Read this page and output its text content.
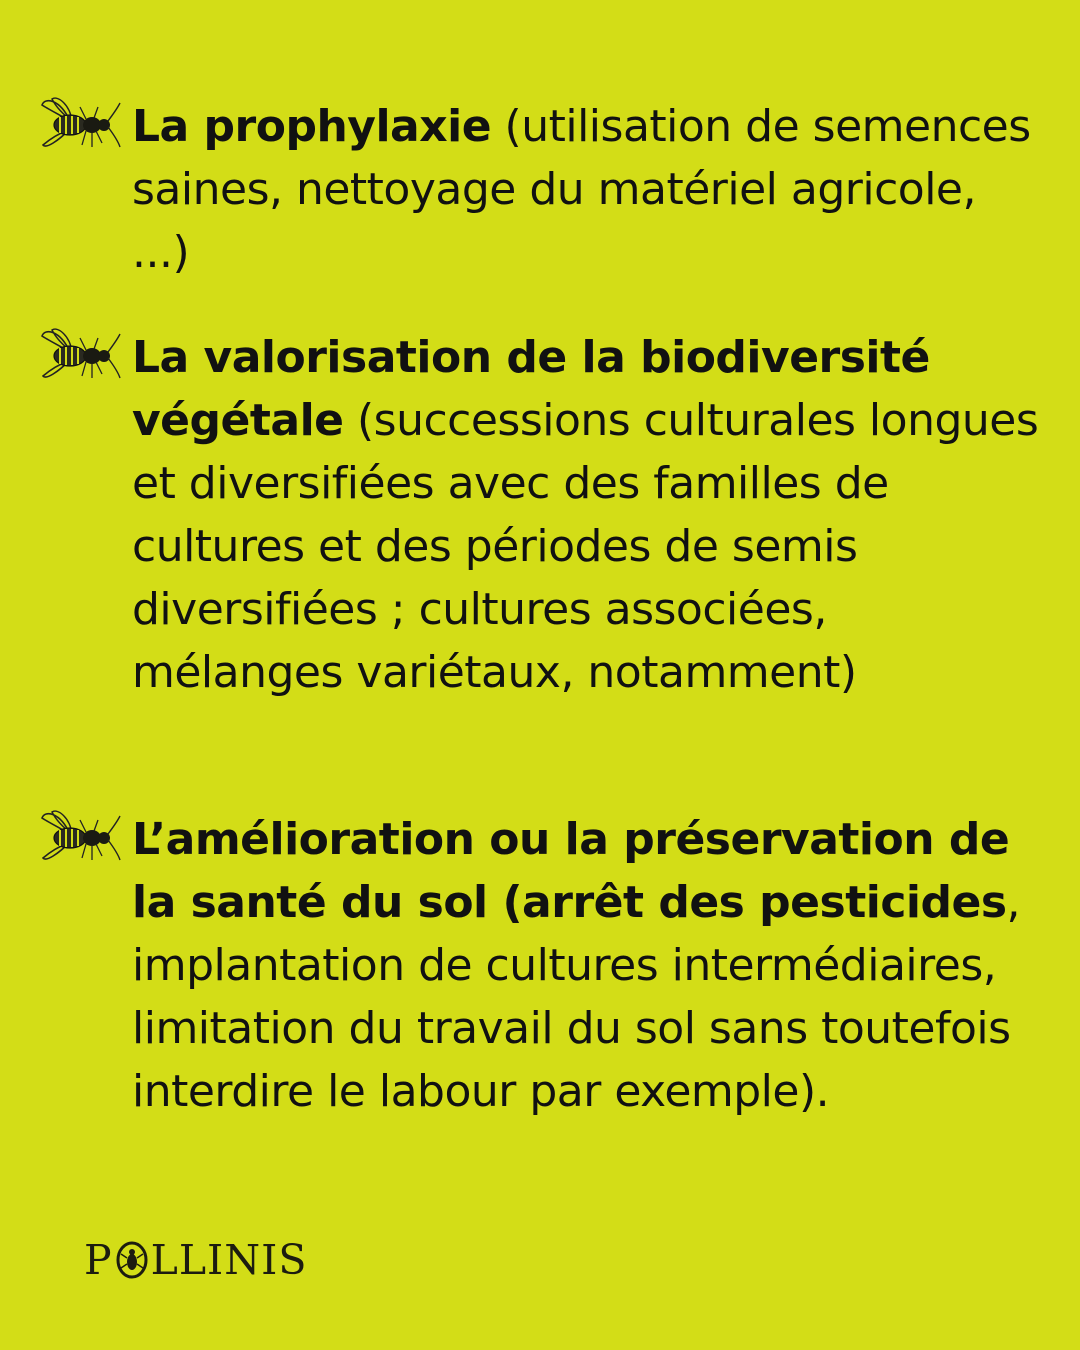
La prophylaxie (utilisation de semences saines, nettoyage du matériel agricole, ...)
La valorisation de la biodiversité végétale (successions culturales longues et diversifiées avec des familles de cultures et des périodes de semis diversifiées ; cultures associées, mélanges variétaux, notamment)
L’amélioration ou la préservation de la santé du sol (arrêt des pesticides, implantation de cultures intermédiaires, limitation du travail du sol sans toutefois interdire le labour par exemple).
P LLINIS
